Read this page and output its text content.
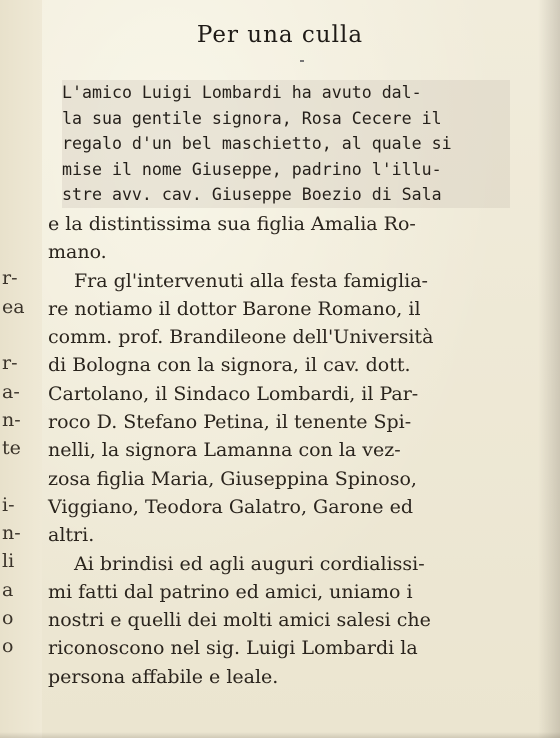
r-
ea
r-
a-
n-
te
i-
n-
li
a
o
o
Per una culla
L'amico Luigi Lombardi ha avuto dal-
la sua gentile signora, Rosa Cecere il
regalo d'un bel maschietto, al quale si
mise il nome Giuseppe, padrino l'illu-
stre avv. cav. Giuseppe Boezio di Sala
e la distintissima sua figlia Amalia Ro-
mano.
Fra gl'intervenuti alla festa famiglia-
re notiamo il dottor Barone Romano, il
comm. prof. Brandileone dell'Università
di Bologna con la signora, il cav. dott.
Cartolano, il Sindaco Lombardi, il Par-
roco D. Stefano Petina, il tenente Spi-
nelli, la signora Lamanna con la vez-
zosa figlia Maria, Giuseppina Spinoso,
Viggiano, Teodora Galatro, Garone ed
altri.
Ai brindisi ed agli auguri cordialissi-
mi fatti dal patrino ed amici, uniamo i
nostri e quelli dei molti amici salesi che
riconoscono nel sig. Luigi Lombardi la
persona affabile e leale.
